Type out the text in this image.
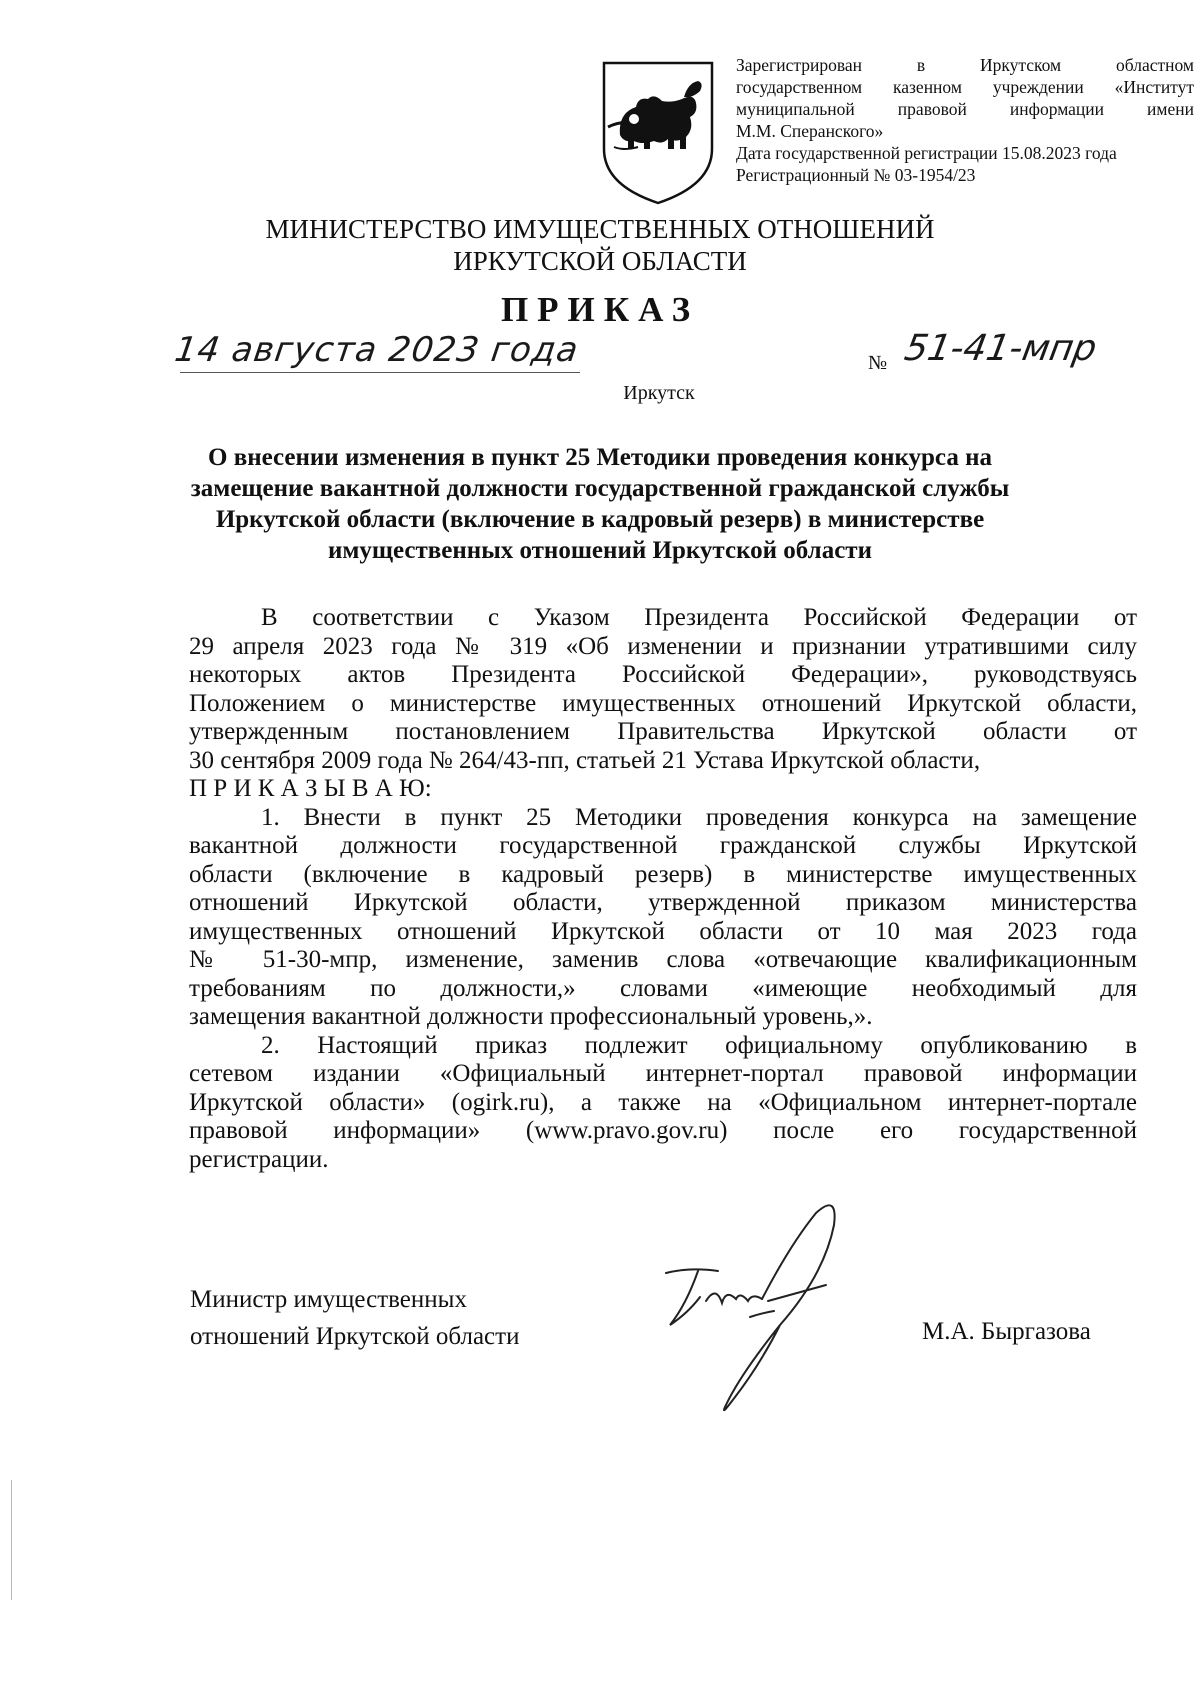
Зарегистрирован в Иркутском областном
государственном казенном учреждении «Институт
муниципальной правовой информации имени
М.М. Сперанского»
Дата государственной регистрации 15.08.2023 года
Регистрационный № 03-1954/23
МИНИСТЕРСТВО ИМУЩЕСТВЕННЫХ ОТНОШЕНИЙ
ИРКУТСКОЙ ОБЛАСТИ
ПРИКАЗ
14 августа 2023 года	№ 51-41-мпр
Иркутск
О внесении изменения в пункт 25 Методики проведения конкурса на
замещение вакантной должности государственной гражданской службы
Иркутской области (включение в кадровый резерв) в министерстве
имущественных отношений Иркутской области
В соответствии с Указом Президента Российской Федерации от
29 апреля 2023 года № 319 «Об изменении и признании утратившими силу
некоторых актов Президента Российской Федерации», руководствуясь
Положением о министерстве имущественных отношений Иркутской области,
утвержденным постановлением Правительства Иркутской области от
30 сентября 2009 года № 264/43-пп, статьей 21 Устава Иркутской области,
П Р И К А З Ы В А Ю:
1. Внести в пункт 25 Методики проведения конкурса на замещение
вакантной должности государственной гражданской службы Иркутской
области (включение в кадровый резерв) в министерстве имущественных
отношений Иркутской области, утвержденной приказом министерства
имущественных отношений Иркутской области от 10 мая 2023 года
№ 51-30-мпр, изменение, заменив слова «отвечающие квалификационным
требованиям по должности,» словами «имеющие необходимый для
замещения вакантной должности профессиональный уровень,».
2. Настоящий приказ подлежит официальному опубликованию в
сетевом издании «Официальный интернет-портал правовой информации
Иркутской области» (ogirk.ru), а также на «Официальном интернет-портале
правовой информации» (www.pravo.gov.ru) после его государственной
регистрации.
Министр имущественных
отношений Иркутской области	М.А. Быргазова
